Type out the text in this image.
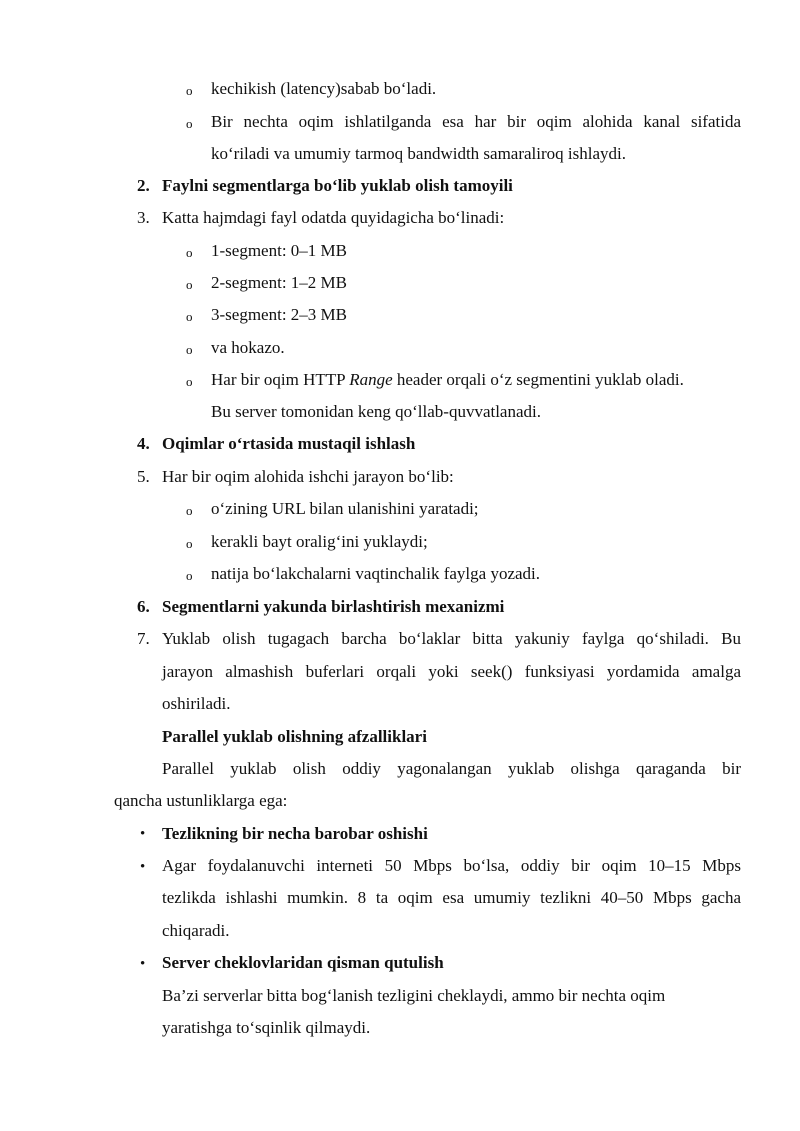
o kechikish (latency)sabab bo‘ladi.
o Bir nechta oqim ishlatilganda esa har bir oqim alohida kanal sifatida
ko‘riladi va umumiy tarmoq bandwidth samaraliroq ishlaydi.
2. Faylni segmentlarga bo‘lib yuklab olish tamoyili
3. Katta hajmdagi fayl odatda quyidagicha bo‘linadi:
o 1-segment: 0–1 MB
o 2-segment: 1–2 MB
o 3-segment: 2–3 MB
o va hokazo.
o Har bir oqim HTTP Range header orqali o‘z segmentini yuklab oladi.
Bu server tomonidan keng qo‘llab-quvvatlanadi.
4. Oqimlar o‘rtasida mustaqil ishlash
5. Har bir oqim alohida ishchi jarayon bo‘lib:
o o‘zining URL bilan ulanishini yaratadi;
o kerakli bayt oralig‘ini yuklaydi;
o natija bo‘lakchalarni vaqtinchalik faylga yozadi.
6. Segmentlarni yakunda birlashtirish mexanizmi
7. Yuklab olish tugagach barcha bo‘laklar bitta yakuniy faylga qo‘shiladi. Bu
jarayon almashish buferlari orqali yoki seek() funksiyasi yordamida amalga
oshiriladi.
Parallel yuklab olishning afzalliklari
Parallel yuklab olish oddiy yagonalangan yuklab olishga qaraganda bir
qancha ustunliklarga ega:
• Tezlikning bir necha barobar oshishi
• Agar foydalanuvchi interneti 50 Mbps bo‘lsa, oddiy bir oqim 10–15 Mbps
tezlikda ishlashi mumkin. 8 ta oqim esa umumiy tezlikni 40–50 Mbps gacha
chiqaradi.
• Server cheklovlaridan qisman qutulish
Ba’zi serverlar bitta bog‘lanish tezligini cheklaydi, ammo bir nechta oqim
yaratishga to‘sqinlik qilmaydi.
